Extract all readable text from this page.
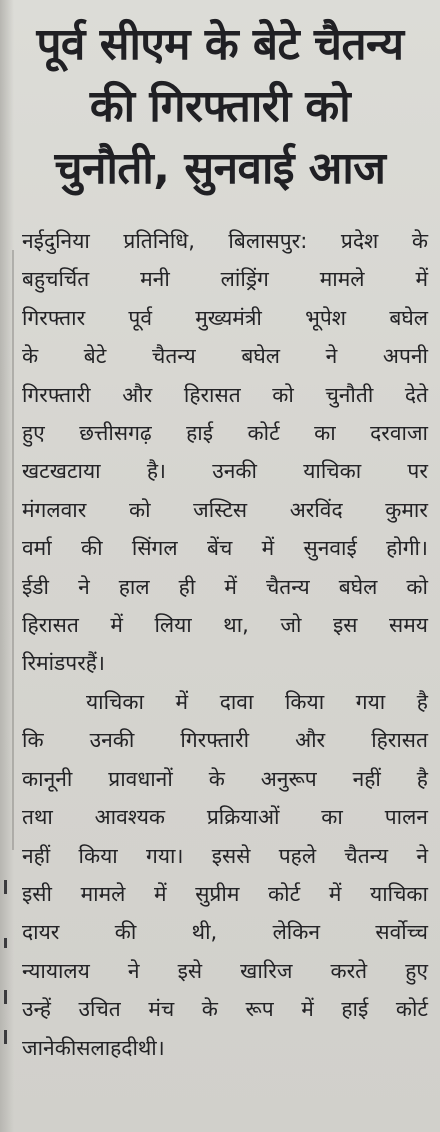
पूर्व सीएम के बेटे चैतन्य
की गिरफ्तारी को
चुनौती, सुनवाई आज
नईदुनिया प्रतिनिधि, बिलासपुर: प्रदेश के
बहुचर्चित मनी लांड्रिंग मामले में
गिरफ्तार पूर्व मुख्यमंत्री भूपेश बघेल
के बेटे चैतन्य बघेल ने अपनी
गिरफ्तारी और हिरासत को चुनौती देते
हुए छत्तीसगढ़ हाई कोर्ट का दरवाजा
खटखटाया है। उनकी याचिका पर
मंगलवार को जस्टिस अरविंद कुमार
वर्मा की सिंगल बेंच में सुनवाई होगी।
ईडी ने हाल ही में चैतन्य बघेल को
हिरासत में लिया था, जो इस समय
रिमांड पर हैं।
याचिका में दावा किया गया है
कि उनकी गिरफ्तारी और हिरासत
कानूनी प्रावधानों के अनुरूप नहीं है
तथा आवश्यक प्रक्रियाओं का पालन
नहीं किया गया। इससे पहले चैतन्य ने
इसी मामले में सुप्रीम कोर्ट में याचिका
दायर	की	थी,	लेकिन	सर्वोच्च
न्यायालय ने इसे खारिज करते हुए
उन्हें उचित मंच के रूप में हाई कोर्ट
जाने की सलाह दी थी।
